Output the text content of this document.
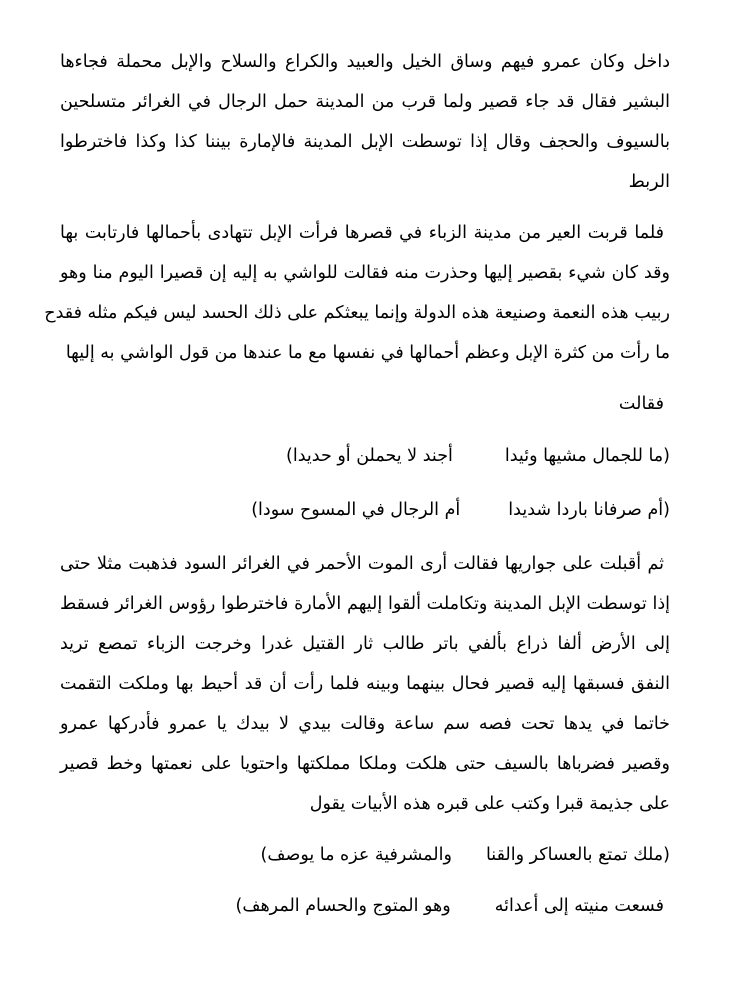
داخل وكان عمرو فيهم وساق الخيل والعبيد والكراع والسلاح والإبل محملة فجاءها
البشير فقال قد جاء قصير ولما قرب من المدينة حمل الرجال في الغرائر متسلحين
بالسيوف والحجف وقال إذا توسطت الإبل المدينة فالإمارة بيننا كذا وكذا فاخترطوا
الربط
فلما قربت العير من مدينة الزباء في قصرها فرأت الإبل تتهادى بأحمالها فارتابت بها
وقد كان شيء بقصير إليها وحذرت منه فقالت للواشي به إليه إن قصيرا اليوم منا وهو
ربيب هذه النعمة وصنيعة هذه الدولة وإنما يبعثكم على ذلك الحسد ليس فيكم مثله فقدح
ما رأت من كثرة الإبل وعظم أحمالها في نفسها مع ما عندها من قول الواشي به إليها
فقالت
(ما للجمال مشيها وئيداأجند لا يحملن أو حديدا)
(أم صرفانا باردا شديداأم الرجال في المسوح سودا)
ثم أقبلت على جواريها فقالت أرى الموت الأحمر في الغرائر السود فذهبت مثلا حتى
إذا توسطت الإبل المدينة وتكاملت ألقوا إليهم الأمارة فاخترطوا رؤوس الغرائر فسقط
إلى الأرض ألفا ذراع بألفي باتر طالب ثار القتيل غدرا وخرجت الزباء تمصع تريد
النفق فسبقها إليه قصير فحال بينهما وبينه فلما رأت أن قد أحيط بها وملكت التقمت
خاتما في يدها تحت فصه سم ساعة وقالت بيدي لا بيدك يا عمرو فأدركها عمرو
وقصير فضرباها بالسيف حتى هلكت وملكا مملكتها واحتويا على نعمتها وخط قصير
على جذيمة قبرا وكتب على قبره هذه الأبيات يقول
(ملك تمتع بالعساكر والقناوالمشرفية عزه ما يوصف)
فسعت منيته إلى أعدائهوهو المتوج والحسام المرهف)
